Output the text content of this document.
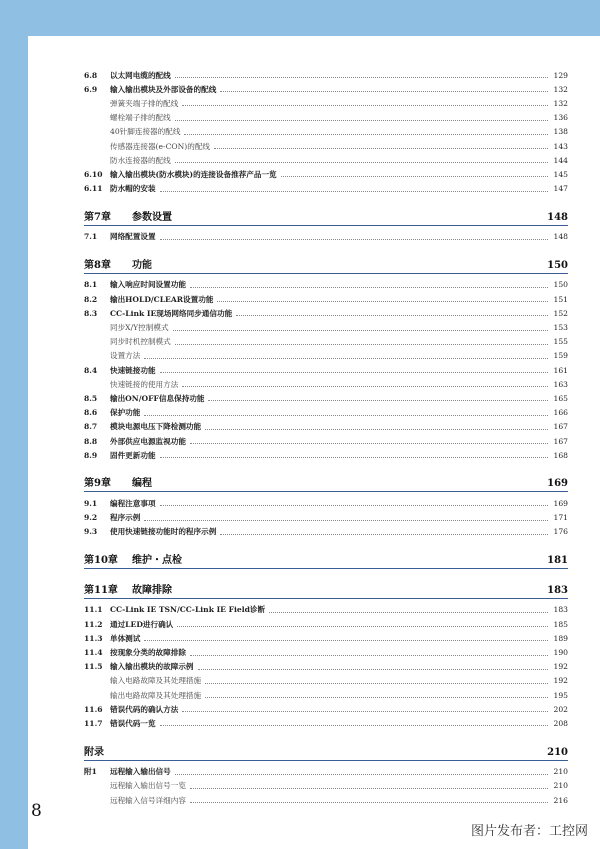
6.8	以太网电缆的配线	129
6.9	输入输出模块及外部设备的配线	132
弹簧夹端子排的配线	132
螺栓端子排的配线	136
40针脚连接器的配线	138
传感器连接器(e-CON)的配线	143
防水连接器的配线	144
6.10 输入输出模块(防水模块)的连接设备推荐产品一览	145
6.11 防水帽的安装	147
第7章	参数设置	148
7.1	网络配置设置	148
第8章	功能	150
8.1	输入响应时间设置功能	150
8.2	输出HOLD/CLEAR设置功能	151
8.3	CC-Link IE现场网络同步通信功能	152
同步X/Y控制模式	153
同步时机控制模式	155
设置方法	159
8.4	快速链接功能	161
快速链接的使用方法	163
8.5	输出ON/OFF信息保持功能	165
8.6	保护功能	166
8.7	模块电源电压下降检测功能	167
8.8	外部供应电源监视功能	167
8.9	固件更新功能	168
第9章	编程	169
9.1	编程注意事项	169
9.2	程序示例	171
9.3	使用快速链接功能时的程序示例	176
第10章	维护・点检	181
第11章	故障排除	183
11.1 CC-Link IE TSN/CC-Link IE Field诊断	183
11.2 通过LED进行确认	185
11.3 单体测试	189
11.4 按现象分类的故障排除	190
11.5 输入输出模块的故障示例	192
输入电路故障及其处理措施	192
输出电路故障及其处理措施	195
11.6 错误代码的确认方法	202
11.7 错误代码一览	208
附录	210
附1	远程输入输出信号	210
远程输入输出信号一览	210
远程输入信号详细内容	216
8
图片发布者：工控网
